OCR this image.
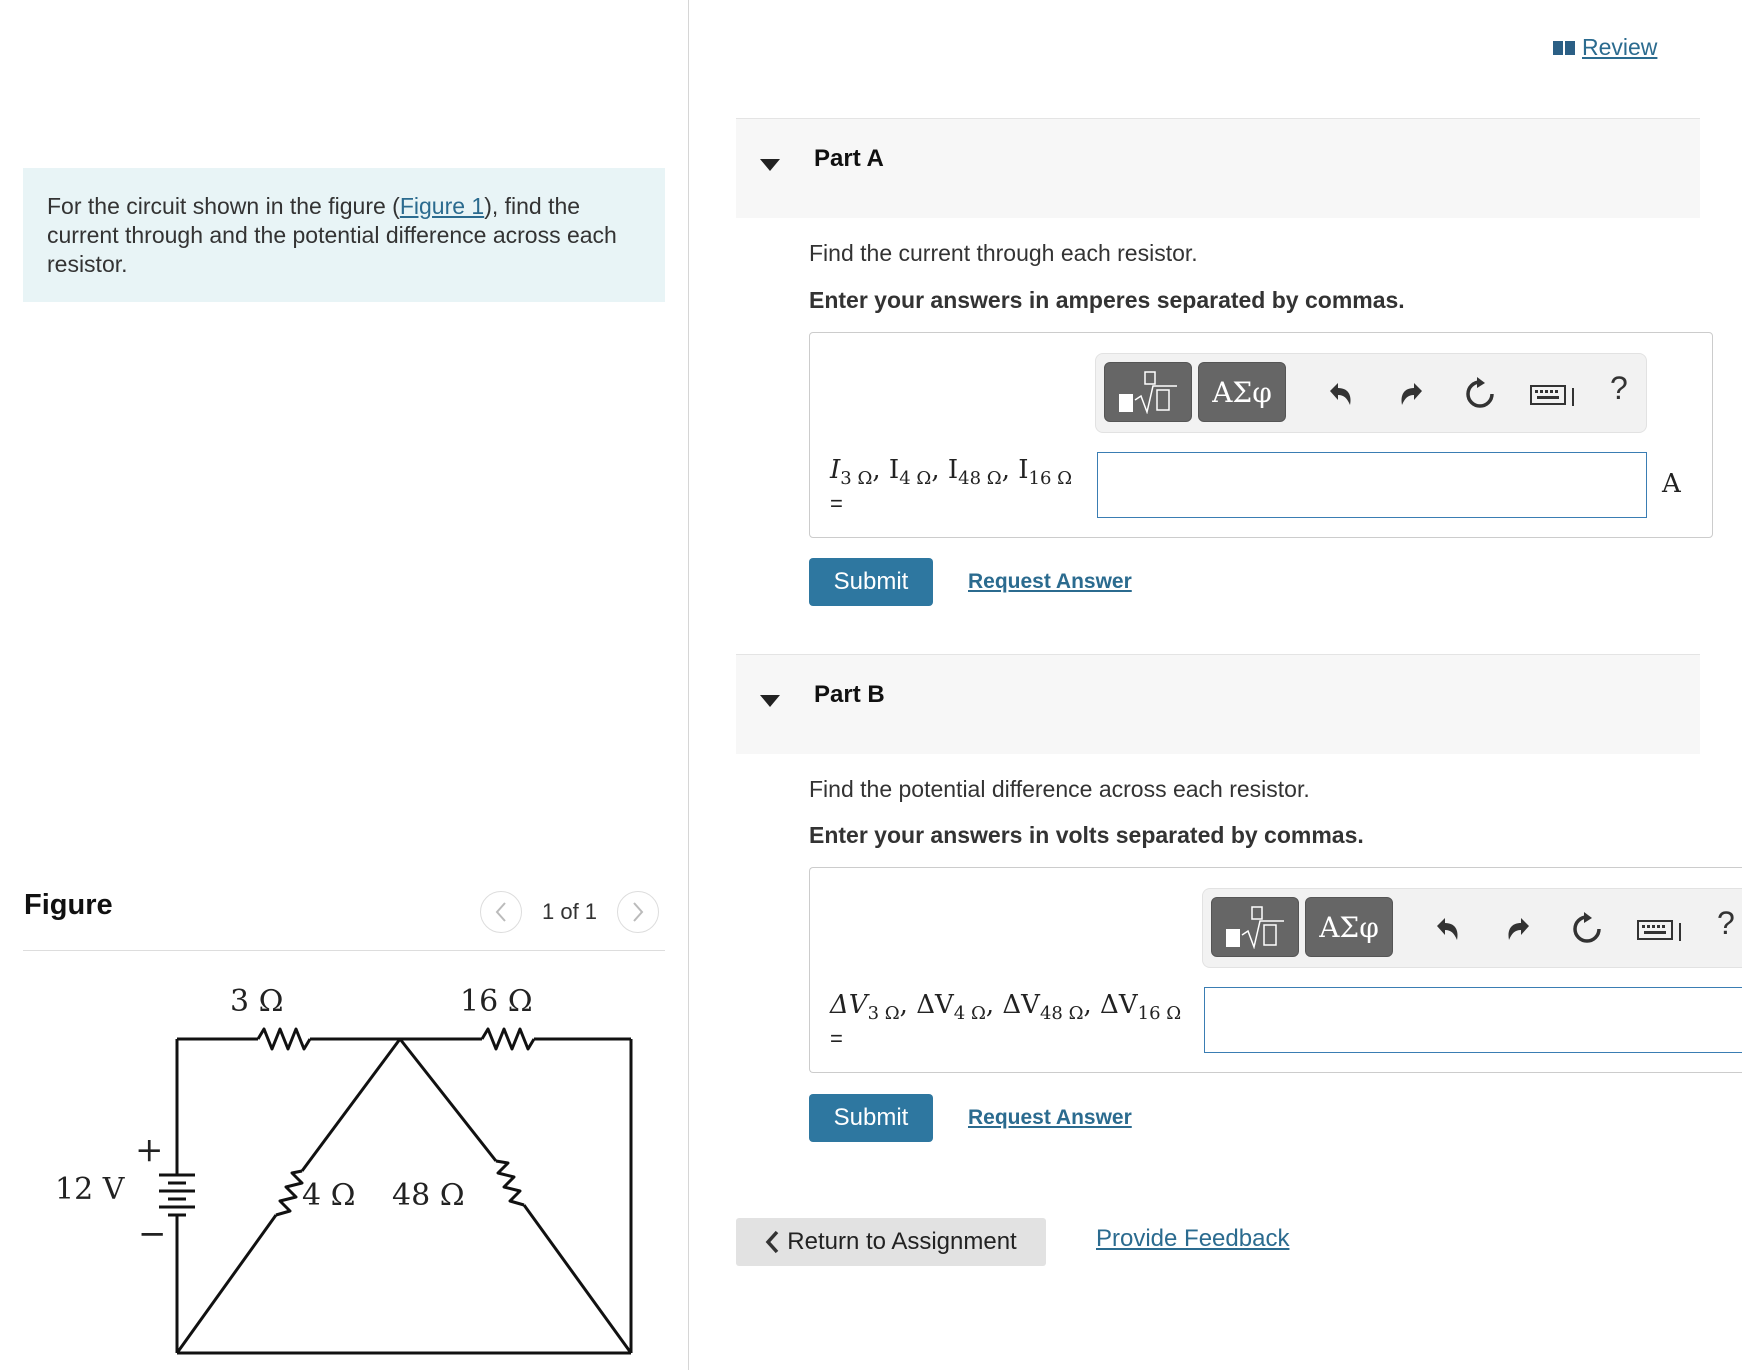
For the circuit shown in the figure (Figure 1), find the current through and the potential difference across each resistor.
Figure	1 of 1
3 Ω	16 Ω
4 Ω 48 Ω
12 V
+
−
Review
Part A
Find the current through each resistor.
Enter your answers in amperes separated by commas.
ΑΣφ	?
$I_{3 \Omega}$, $I_{4 \Omega}$, $I_{48 \Omega}$, $I_{16 \Omega}$
=
A
Submit	Request Answer
Part B
Find the potential difference across each resistor.
Enter your answers in volts separated by commas.
ΑΣφ	?
$\Delta V_{3 \Omega}$, $\Delta V_{4 \Omega}$, $\Delta V_{48 \Omega}$, $\Delta V_{16 \Omega}$
=
Submit	Request Answer
Return to Assignment	Provide Feedback
